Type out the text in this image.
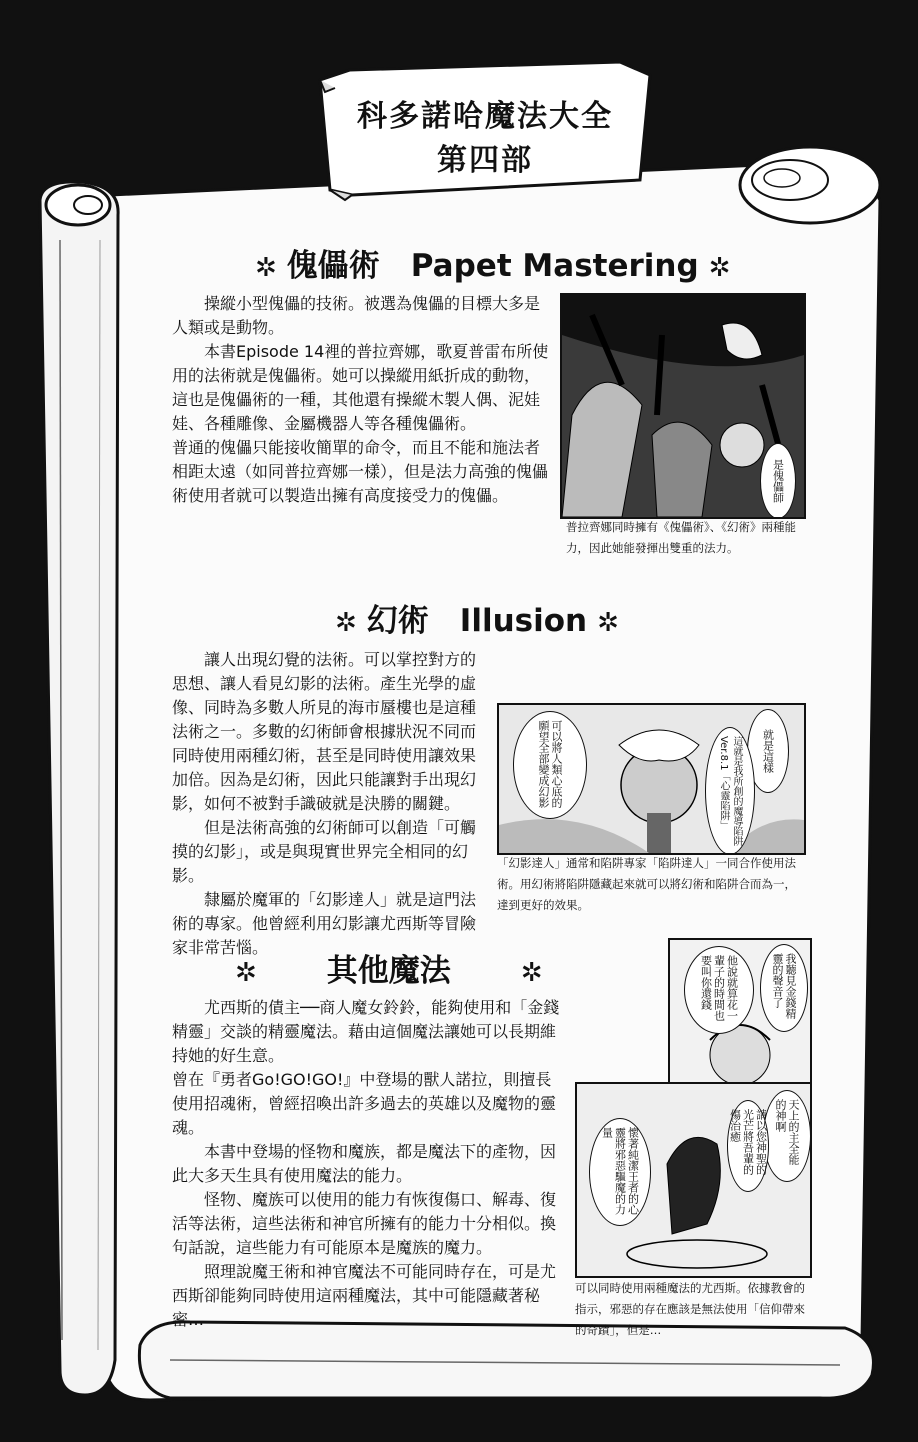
科多諾哈魔法大全
第四部
✲ 傀儡術　Papet Mastering ✲

操縱小型傀儡的技術。被選為傀儡的目標大多是人類或是動物。

本書Episode 14裡的普拉齊娜，歌夏普雷布所使用的法術就是傀儡術。她可以操縱用紙折成的動物，這也是傀儡術的一種，其他還有操縱木製人偶、泥娃娃、各種雕像、金屬機器人等各種傀儡術。

普通的傀儡只能接收簡單的命令，而且不能和施法者相距太遠（如同普拉齊娜一樣），但是法力高強的傀儡術使用者就可以製造出擁有高度接受力的傀儡。	是傀儡師
普拉齊娜同時擁有《傀儡術》、《幻術》兩種能力，因此她能發揮出雙重的法力。
✲ 幻術　Illusion ✲

讓人出現幻覺的法術。可以掌控對方的思想、讓人看見幻影的法術。產生光學的虛像、同時為多數人所見的海市蜃樓也是這種法術之一。多數的幻術師會根據狀況不同而同時使用兩種幻術，甚至是同時使用讓效果加倍。因為是幻術，因此只能讓對手出現幻影，如何不被對手識破就是決勝的關鍵。

但是法術高強的幻術師可以創造「可觸摸的幻影」，或是與現實世界完全相同的幻影。

隸屬於魔軍的「幻影達人」就是這門法術的專家。他曾經利用幻影讓尤西斯等冒險家非常苦惱。

可以將人類心底的願望全部變成幻影	就是這樣
這就是我所創的魔導陷阱Ver.8.1「心靈陷阱」
「幻影達人」通常和陷阱專家「陷阱達人」一同合作使用法術。用幻術將陷阱隱藏起來就可以將幻術和陷阱合而為一，達到更好的效果。
✲ 其他魔法	✲

尤西斯的債主──商人魔女鈴鈴，能夠使用和「金錢精靈」交談的精靈魔法。藉由這個魔法讓她可以長期維持她的好生意。

曾在『勇者Go!GO!GO!』中登場的獸人諾拉，則擅長使用招魂術，曾經招喚出許多過去的英雄以及魔物的靈魂。

本書中登場的怪物和魔族，都是魔法下的產物，因此大多天生具有使用魔法的能力。

怪物、魔族可以使用的能力有恢復傷口、解毒、復活等法術，這些法術和神官所擁有的能力十分相似。換句話說，這些能力有可能原本是魔族的魔力。

照理說魔王術和神官魔法不可能同時存在，可是尤西斯卻能夠同時使用這兩種魔法，其中可能隱藏著秘密…

我聽見金錢精靈的聲音了
他說就算花一輩子的時間也要叫你還錢
天上的主全能的神啊
請以您神聖的光芒將吾輩的傷治癒
懷著純潔王者的心靈將邪惡驅魔的力量
可以同時使用兩種魔法的尤西斯。依據教會的指示，邪惡的存在應該是無法使用「信仰帶來的奇蹟」，但是…
